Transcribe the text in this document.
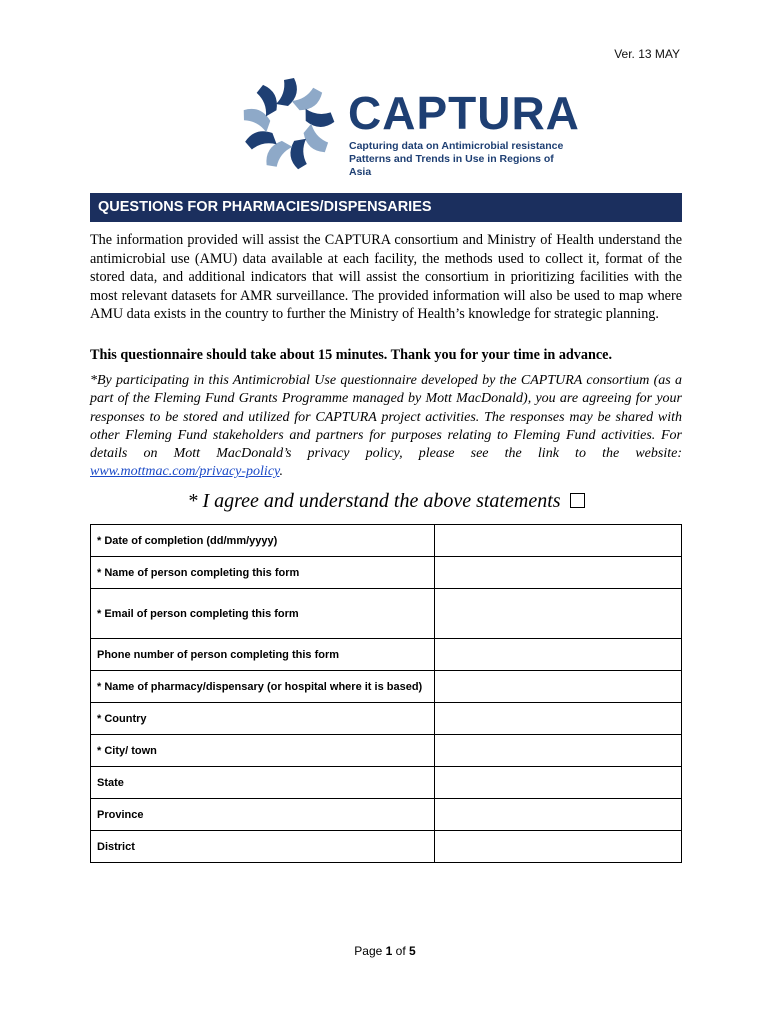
Ver. 13 MAY
CAPTURA
Capturing data on Antimicrobial resistance
Patterns and Trends in Use in Regions of Asia
QUESTIONS FOR PHARMACIES/DISPENSARIES

The information provided will assist the CAPTURA consortium and Ministry of Health understand the antimicrobial use (AMU) data available at each facility, the methods used to collect it, format of the stored data, and additional indicators that will assist the consortium in prioritizing facilities with the most relevant datasets for AMR surveillance. The provided information will also be used to map where AMU data exists in the country to further the Ministry of Health’s knowledge for strategic planning.

This questionnaire should take about 15 minutes. Thank you for your time in advance.

*By participating in this Antimicrobial Use questionnaire developed by the CAPTURA consortium (as a part of the Fleming Fund Grants Programme managed by Mott MacDonald), you are agreeing for your responses to be stored and utilized for CAPTURA project activities. The responses may be shared with other Fleming Fund stakeholders and partners for purposes relating to Fleming Fund activities. For details on Mott MacDonald’s privacy policy, please see the link to the website: www.mottmac.com/privacy-policy.

* I agree and understand the above statements
* Date of completion (dd/mm/yyyy)	
* Name of person completing this form	
* Email of person completing this form	
Phone number of person completing this form	
* Name of pharmacy/dispensary (or hospital where it is based)	
* Country	
* City/ town	
State	
Province	
District	
Page 1 of 5
